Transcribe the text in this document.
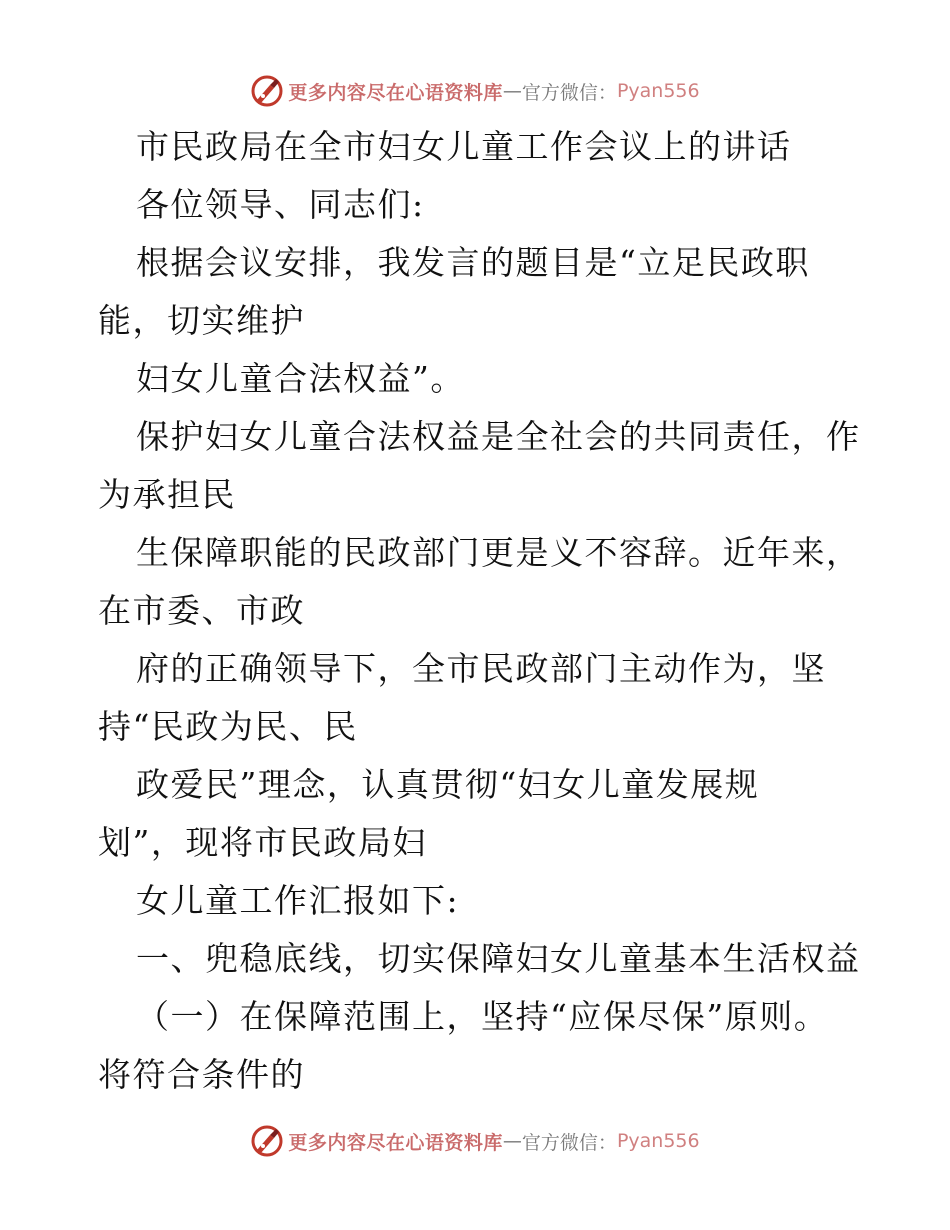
更多内容尽在心语资料库 — 官方微信： Pyan556
市民政局在全市妇女儿童工作会议上的讲话
各位领导、同志们:
根据会议安排，我发言的题目是“立足民政职
能，切实维护
妇女儿童合法权益”。
保护妇女儿童合法权益是全社会的共同责任，作
为承担民
生保障职能的民政部门更是义不容辞。近年来，
在市委、市政
府的正确领导下，全市民政部门主动作为，坚
持“民政为民、民
政爱民”理念，认真贯彻“妇女儿童发展规
划”，现将市民政局妇
女儿童工作汇报如下:
一、兜稳底线，切实保障妇女儿童基本生活权益
（一）在保障范围上，坚持“应保尽保”原则。
将符合条件的
更多内容尽在心语资料库 — 官方微信： Pyan556
